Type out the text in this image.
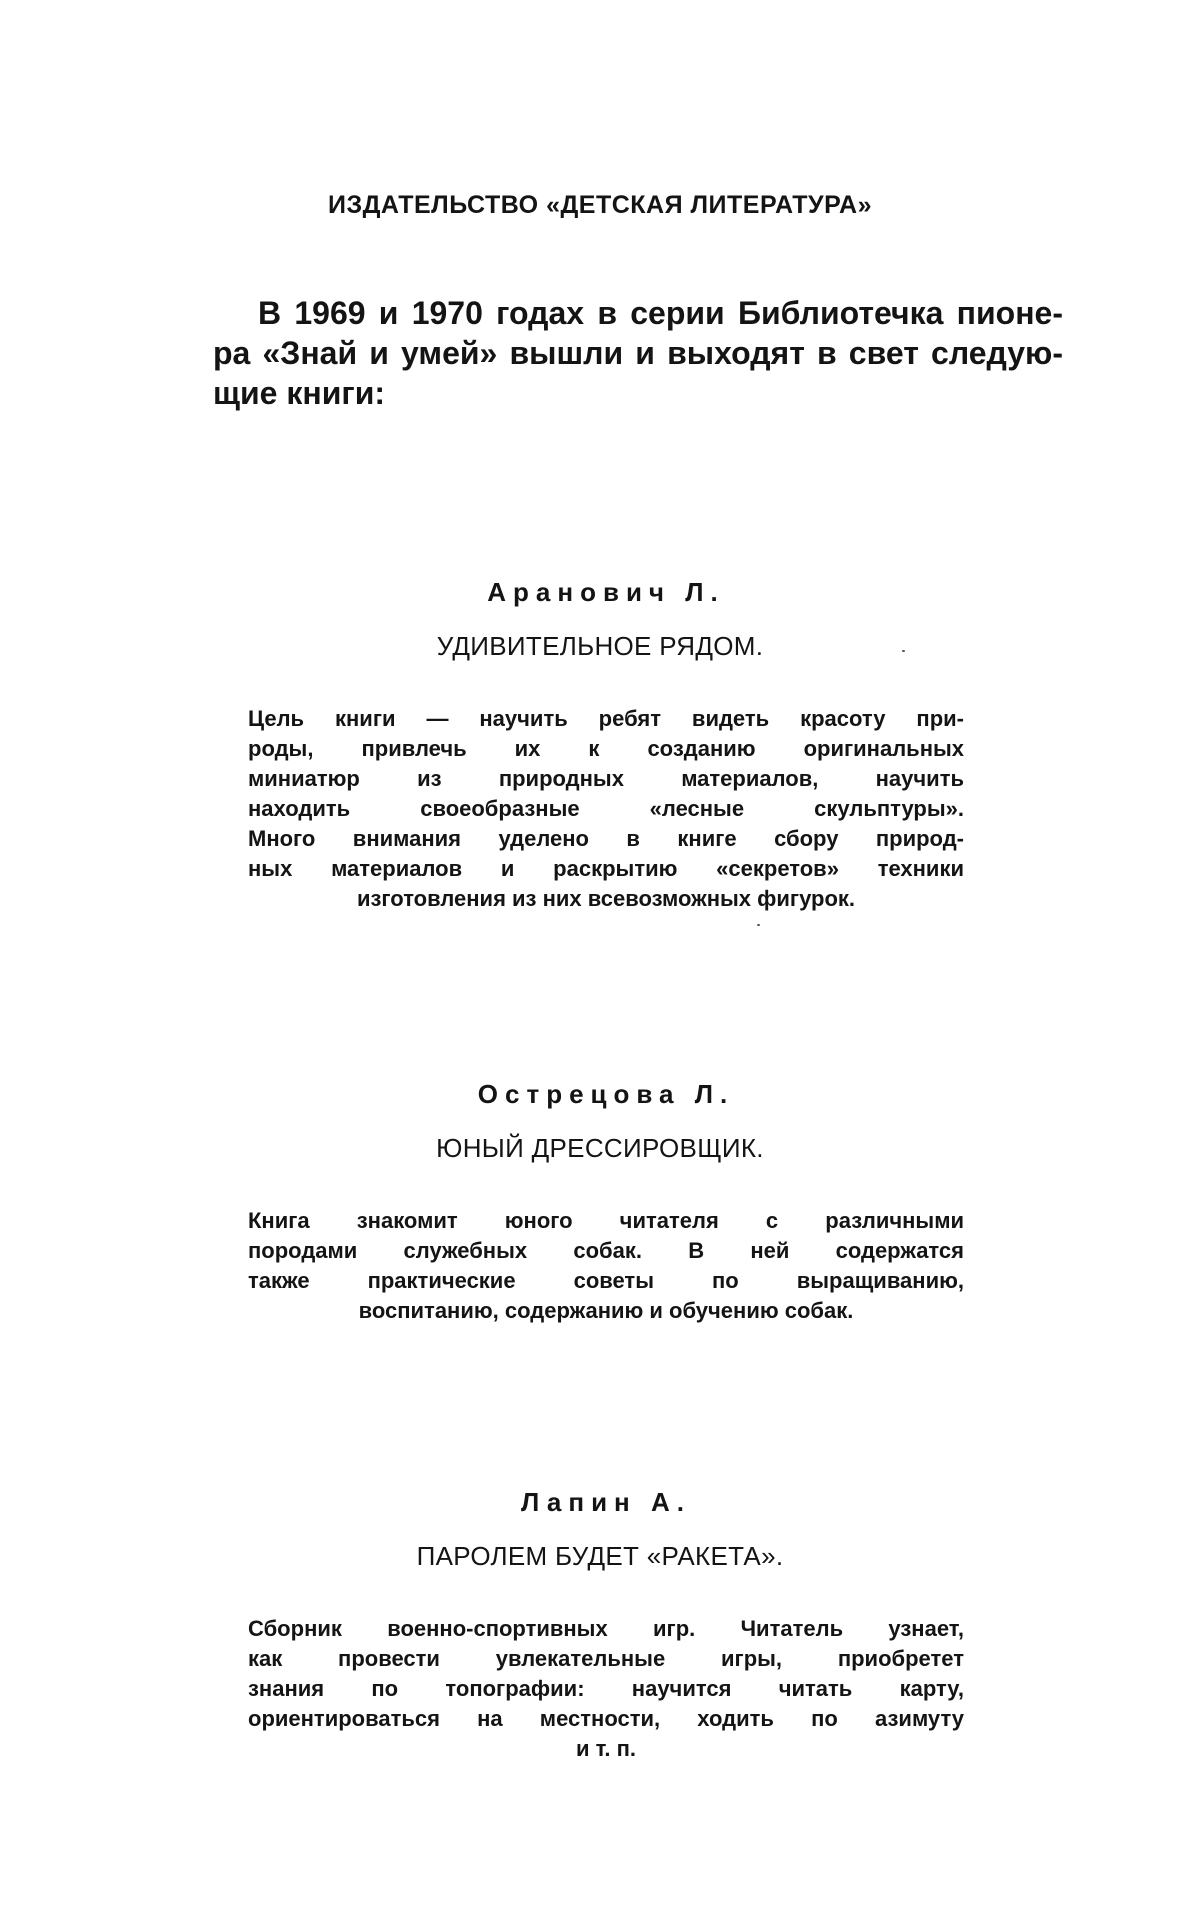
ИЗДАТЕЛЬСТВО «ДЕТСКАЯ ЛИТЕРАТУРА»
В 1969 и 1970 годах в серии Библиотечка пионе-
ра «Знай и умей» вышли и выходят в свет следую-
щие книги:
Аранович Л.
УДИВИТЕЛЬНОЕ РЯДОМ.
Цель книги — научить ребят видеть красоту при-
роды, привлечь их к созданию оригинальных
миниатюр из природных материалов, научить
находить своеобразные «лесные скульптуры».
Много внимания уделено в книге сбору природ-
ных материалов и раскрытию «секретов» техники
изготовления из них всевозможных фигурок.
Острецова Л.
ЮНЫЙ ДРЕССИРОВЩИК.
Книга знакомит юного читателя с различными
породами служебных собак. В ней содержатся
также практические советы по выращиванию,
воспитанию, содержанию и обучению собак.
Лапин А.
ПАРОЛЕМ БУДЕТ «РАКЕТА».
Сборник военно-спортивных игр. Читатель узнает,
как провести увлекательные игры, приобретет
знания по топографии: научится читать карту,
ориентироваться на местности, ходить по азимуту
и т. п.
